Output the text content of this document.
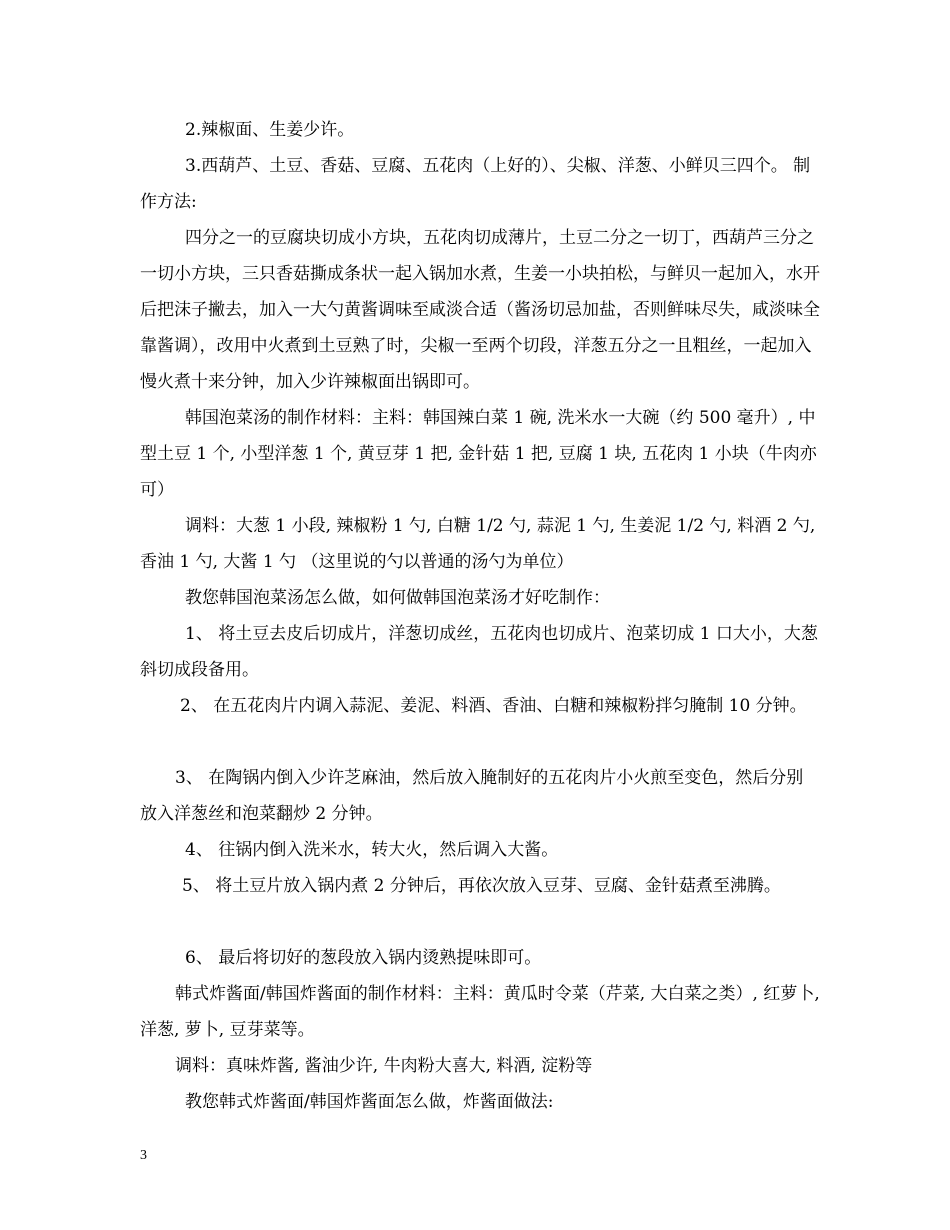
2.辣椒面、生姜少许。

3.西葫芦、土豆、香菇、豆腐、五花肉（上好的）、尖椒、洋葱、小鲜贝三四个。 制作方法:

四分之一的豆腐块切成小方块，五花肉切成薄片，土豆二分之一切丁，西葫芦三分之一切小方块，三只香菇撕成条状一起入锅加水煮，生姜一小块拍松，与鲜贝一起加入，水开后把沫子撇去，加入一大勺黄酱调味至咸淡合适（酱汤切忌加盐，否则鲜味尽失，咸淡味全靠酱调），改用中火煮到土豆熟了时，尖椒一至两个切段，洋葱五分之一且粗丝，一起加入慢火煮十来分钟，加入少许辣椒面出锅即可。

韩国泡菜汤的制作材料：主料：韩国辣白菜 1 碗, 洗米水一大碗（约 500 毫升）, 中型土豆 1 个, 小型洋葱 1 个, 黄豆芽 1 把, 金针菇 1 把, 豆腐 1 块, 五花肉 1 小块（牛肉亦可）

调料：大葱 1 小段, 辣椒粉 1 勺, 白糖 1/2 勺, 蒜泥 1 勺, 生姜泥 1/2 勺, 料酒 2 勺, 香油 1 勺, 大酱 1 勺 （这里说的勺以普通的汤勺为单位）

教您韩国泡菜汤怎么做，如何做韩国泡菜汤才好吃制作：

1、 将土豆去皮后切成片，洋葱切成丝，五花肉也切成片、泡菜切成 1 口大小，大葱斜切成段备用。

2、 在五花肉片内调入蒜泥、姜泥、料酒、香油、白糖和辣椒粉拌匀腌制 10 分钟。

3、 在陶锅内倒入少许芝麻油，然后放入腌制好的五花肉片小火煎至变色，然后分别放入洋葱丝和泡菜翻炒 2 分钟。

4、 往锅内倒入洗米水，转大火，然后调入大酱。

5、 将土豆片放入锅内煮 2 分钟后，再依次放入豆芽、豆腐、金针菇煮至沸腾。

6、 最后将切好的葱段放入锅内烫熟提味即可。

韩式炸酱面/韩国炸酱面的制作材料：主料：黄瓜时令菜（芹菜, 大白菜之类）, 红萝卜, 洋葱, 萝卜, 豆芽菜等。

调料：真味炸酱, 酱油少许, 牛肉粉大喜大, 料酒, 淀粉等

教您韩式炸酱面/韩国炸酱面怎么做，炸酱面做法:

3
